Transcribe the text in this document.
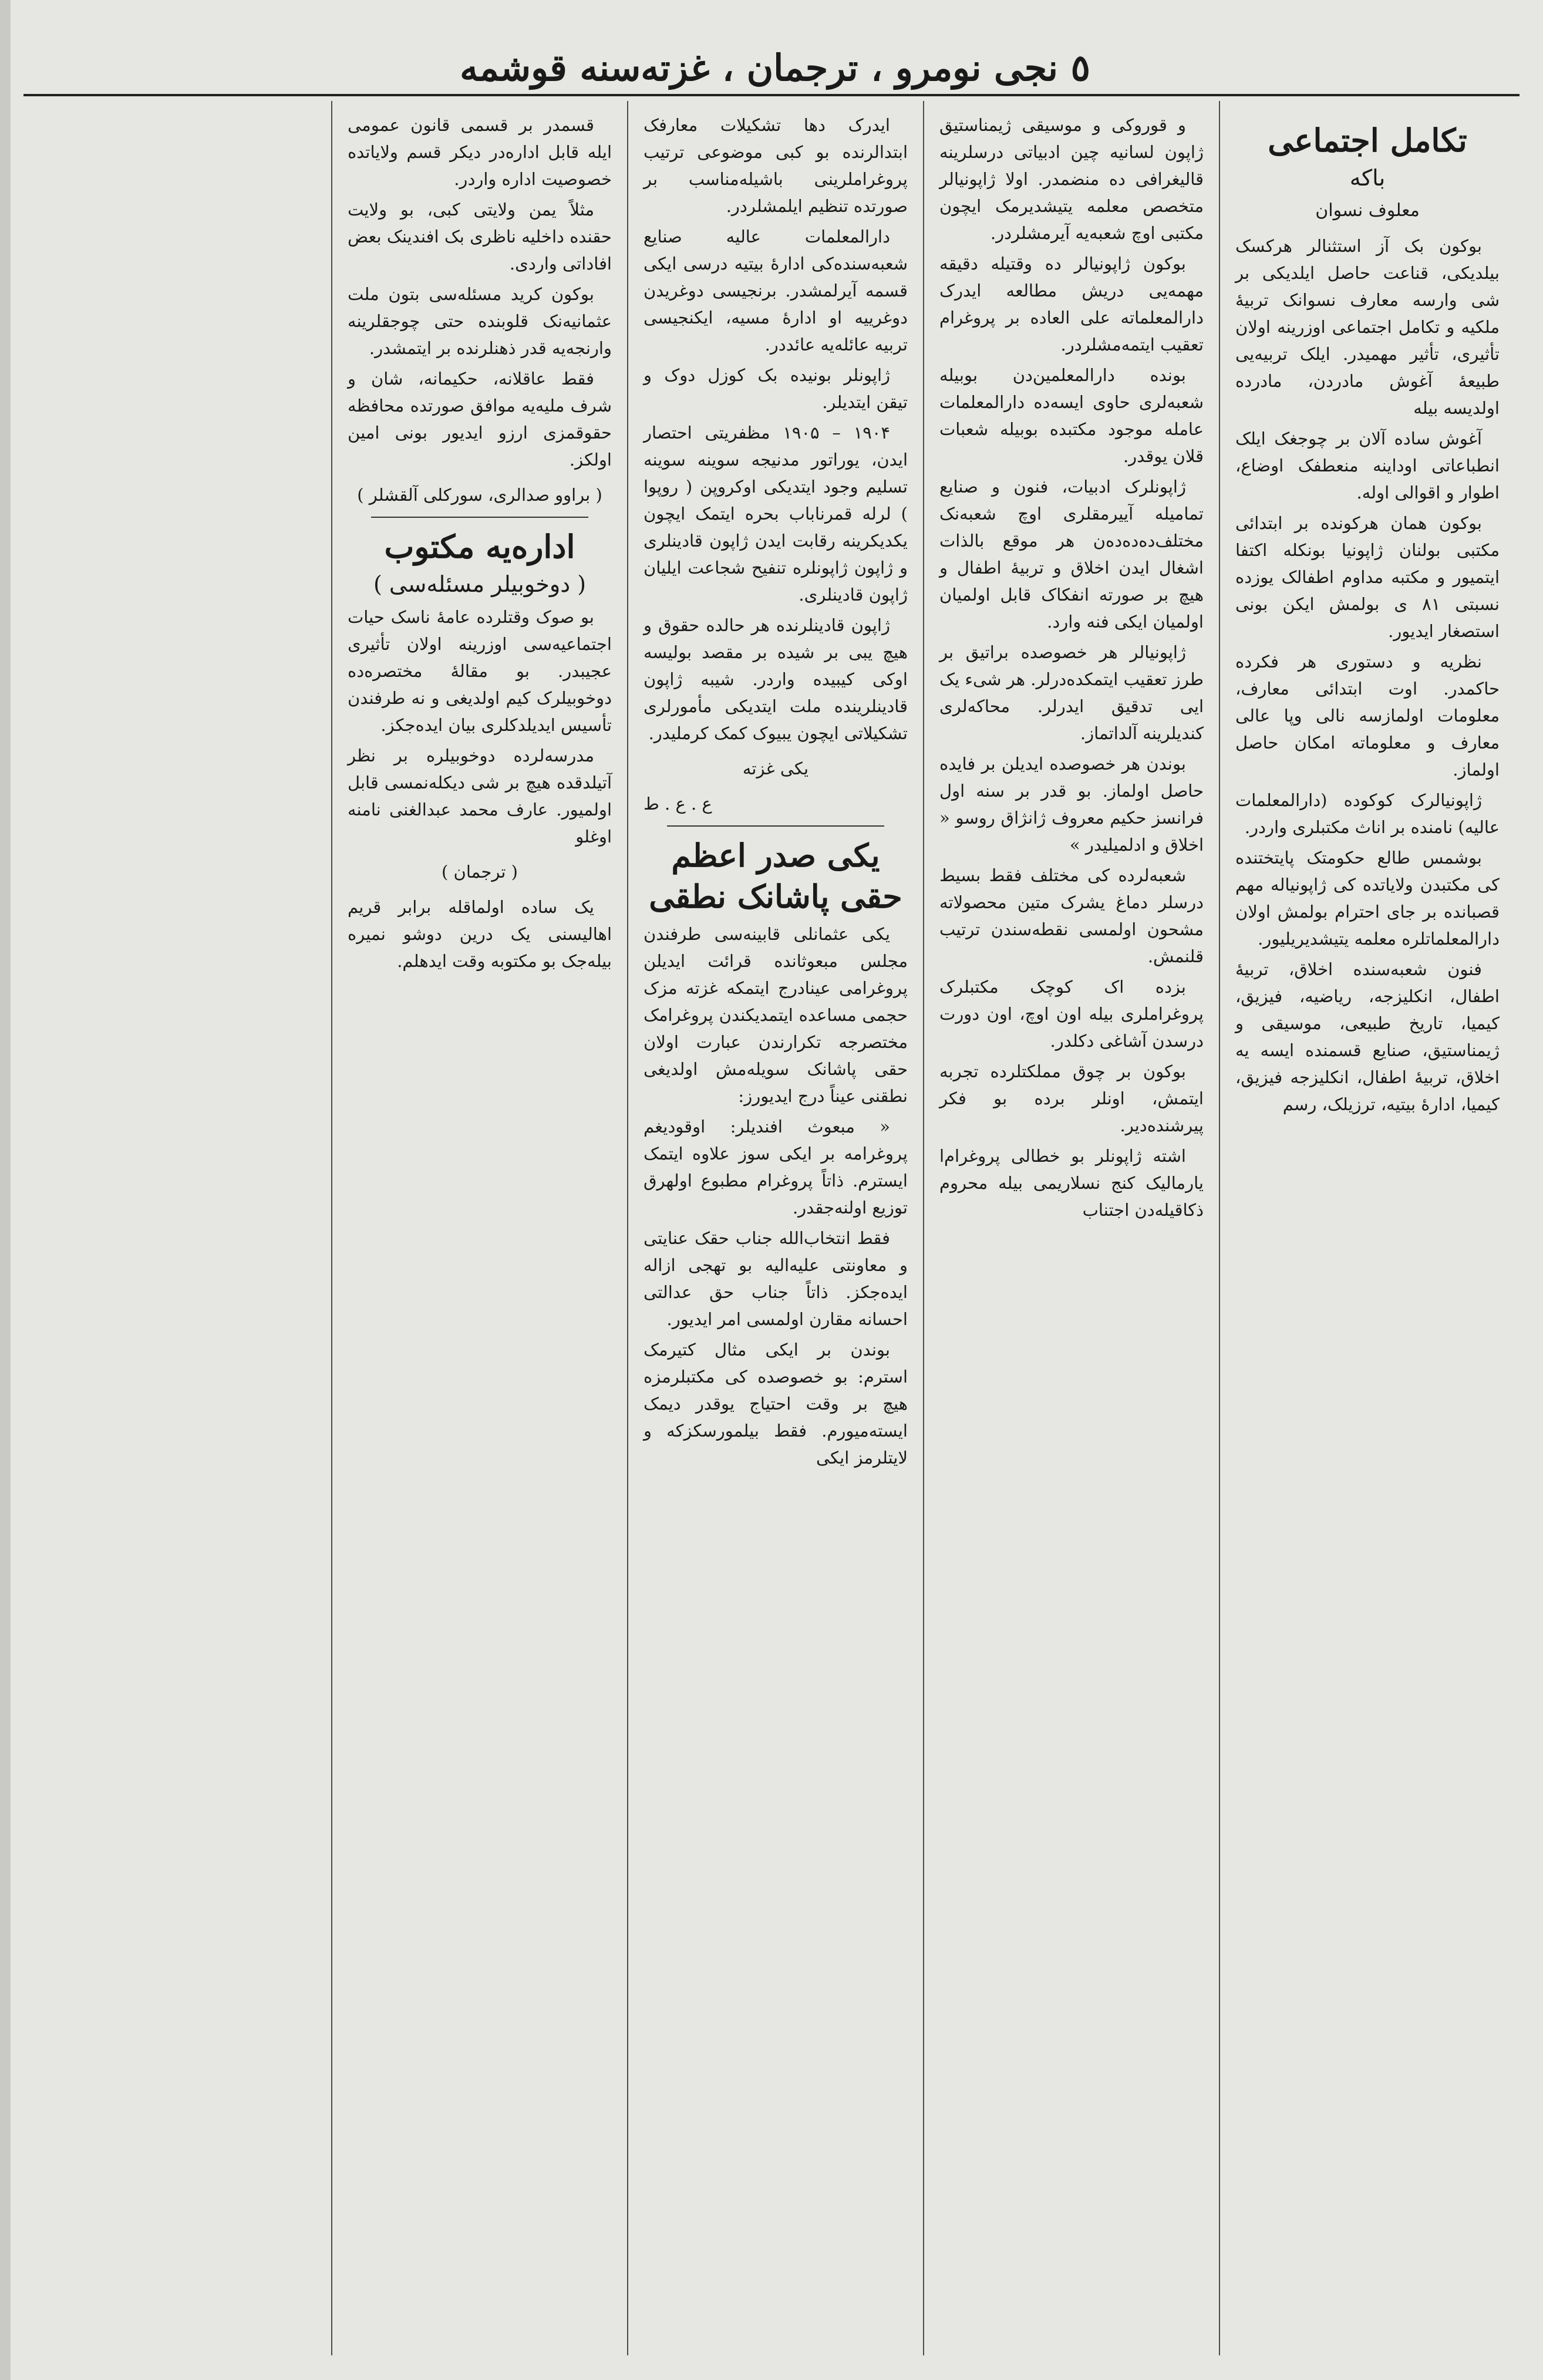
٥ نجی نومرو ، ترجمان ، غزته‌سنه قوشمه
تکامل اجتماعی
باکه
معلوف نسوان

بوکون بک آز استثنالر هرکسک بیلدیکی، قناعت حاصل ایلدیکی بر شی وارسه معارف نسوانک تربیهٔ ملکیه و تکامل اجتماعی اوزرینه اولان تأثیری، تأثیر مهمیدر. ایلک تربیه‌یی طبیعهٔ آغوش مادردن، مادرده اولدیسه بیله

آغوش ساده آلان بر چوجغک ایلک انطباعاتی اوداینه منعطفک اوضاع، اطوار و اقوالی اوله.

بوکون همان هرکونده بر ابتدائی مکتبی بولنان ژاپونیا بونکله اکتفا ایتمیور و مکتبه مداوم اطفالک یوزده نسبتی ۸۱ ی بولمش ایکن بونی استصغار ایدیور.

نظریه و دستوری هر فکرده حاکمدر. اوت ابتدائی معارف، معلومات اولمازسه نالی وپا عالی معارف و معلوماته امکان حاصل اولماز.

ژاپونیا‌لرک کوکوده (دارالمعلمات عالیه) نامنده بر اناث مکتبلری واردر.

بوشمس طالع حکومتک پایتختنده کی مکتبدن ولایاتده کی ژاپونیاله مهم قصبانده بر جای احترام بولمش اولان دارالمعلماتلره معلمه یتیشدیریلیور.

فنون شعبه‌سنده اخلاق، تربیهٔ اطفال، انکلیزجه، ریاضیه، فیزیق، کیمیا، تاریخ طبیعی، موسیقی و ژیمناستیق، صنایع قسمنده ایسه یه اخلاق، تربیهٔ اطفال، انکلیزجه فیزیق، کیمیا، ادارهٔ بیتیه، ترزیلک، رسم

و قوروکی و موسیقی ژیمناستیق ژاپون لسانیه چین ادبیاتی درسلرینه قالیغرافی ده منضمدر. اولا ژاپونیا‌لر متخصص معلمه یتیشدیرمک ایچون مکتبی اوچ شعبه‌یه آیرمشلردر.

بوکون ژاپونیا‌لر ده وقتیله دقیقه مهمه‌یی دریش مطالعه ایدرک دارالمعلماته علی العاده بر پروغرام تعقیب ایتمه‌مشلردر.

بونده دارالمعلمین‌دن بوبیله شعبه‌لری حاوی ایسه‌ده دارالمعلمات عامله موجود مکتبده بوبیله شعبات قلان یوقدر.

ژاپونلرک ادبیات، فنون و صنایع تمامیله آییرمقلری اوچ شعبه‌نک مختلف‌ده‌ده‌ده‌ن هر موقع بالذات اشغال ایدن اخلاق و تربیهٔ اطفال و هیچ بر صورته انفکاک قابل اولمیان اولمیان ایکی فنه وارد.

ژاپونیا‌لر هر خصوصده براتیق بر طرز تعقیب ایتمکده‌درلر. هر شیء یک ایی تدقیق ایدرلر. محاکه‌لری کندیلرینه آلداتماز.

بوندن هر خصوصده ایدیلن بر فایده حاصل اولماز. بو قدر بر سنه اول فرانسز حکیم معروف ژانژاق روسو « اخلاق و ادلمیلیدر »

شعبه‌لرده کی مختلف فقط بسیط درسلر دماغ یشرک متین محصولاته مشحون اولمسی نقطه‌سندن ترتیب قلنمش.

بزده اک کوچک مکتبلرک پروغراملری بیله اون اوچ، اون دورت درسدن آشاغی دکلدر.

بوکون بر چوق مملکتلرده تجربه ایتمش، اونلر برده بو فکر پیرشنده‌دیر.

اشته ژاپونلر بو خطالی پروغرام‌ا یارمالیک کنج نسلاریمی بیله محروم ذکاقیله‌دن اجتناب

ایدرک دها تشکیلات معارفک ابتدالرنده بو کبی موضوعی ترتیب پروغراملرینی باشیله‌مناسب بر صورتده تنظیم ایلمشلردر.

دارالمعلمات عالیه صنایع شعبه‌سنده‌کی ادارهٔ بیتیه درسی ایکی قسمه آیرلمشدر. برنجیسی دوغریدن دوغرییه او ادارهٔ مسیه، ایکنجیسی تربیه عائله‌یه عائددر.

ژاپونلر بونیده بک کوزل دوک و تیقن ایتدیلر.

۱۹۰۴ – ۱۹۰۵ مظفریتی احتصار ایدن، یوراتور مدنیجه سوینه سوینه تسلیم وجود ایتدیکی اوکروپن ( روپوا ) لرله قمرناباب بحره ایتمک ایچون یکدیکرینه رقابت ایدن ژاپون قادینلری و ژاپون ژاپونلره تنفیح شجاعت ایلیان ژاپون قادینلری.

ژاپون قادینلرنده هر حالده حقوق و هیچ یبی بر شیده بر مقصد بولیسه اوکی کیبیده واردر. شیبه ژاپون قادینلرینده ملت ایتدیکی مأمورلری تشکیلاتی ایچون یبیوک کمک کرملیدر.

یکی غزته

ع . ع . ط

یکی صدر اعظم حقی پاشانک نطقی

یکی عثمانلی قابینه‌سی طرفندن مجلس مبعوثانده قرائت ایدیلن پروغرامی عینادرج ایتمکه غزته مزک حجمی مساعده ایتمدیکندن پروغرامک مختصرجه تکرارندن عبارت اولان حقی پاشانک سویله‌مش اولدیغی نطقنی عیناً درج ایدیورز:

« مبعوث افندیلر: اوقودیغم پروغرامه بر ایکی سوز علاوه ایتمک ایسترم. ذاتاً پروغرام مطبوع اولهرق توزیع اولنه‌جقدر.

فقط انتخاب‌الله جناب حقک عنایتی و معاونتی علیه‌الیه بو تهجی ازاله ایده‌جکز. ذاتاً جناب حق عدالتی احسانه مقارن اولمسی امر ایدیور.

بوندن بر ایکی مثال کتیرمک استرم: بو خصوصده کی مکتبلرمزه هیچ بر وقت احتیاج یوقدر دیمک ایسته‌میورم. فقط بیلمورسکزکه و لایتلرمز ایکی

قسمدر بر قسمی قانون عمومی ایله قابل اداره‌در دیکر قسم ولایاتده خصوصیت اداره واردر.

مثلاً یمن ولایتی کبی، بو ولایت حقنده داخلیه ناظری بک افندینک بعض افاداتی واردی.

بوکون کرید مسئله‌سی بتون ملت عثمانیه‌نک قلوبنده حتی چوجقلرینه وارنجه‌یه قدر ذهنلرنده بر ایتمشدر.

فقط عاقلانه، حکیمانه، شان و شرف ملیه‌یه موافق صورتده محافظه حقوقمزی ارزو ایدیور بونی امین اولکز.

( براوو صدالری، سورکلی آلقشلر )

اداره‌یه مکتوب
( دوخوبیلر مسئله‌سی )

بو صوک وقتلرده عامهٔ ناسک حیات اجتماعیه‌سی اوزرینه اولان تأثیری عجیبدر. بو مقالهٔ مختصره‌ده دوخوبیلرک کیم اولدیغی و نه طرفندن تأسیس ایدیلدکلری بیان ایده‌جکز.

مدرسه‌لرده دوخوبیلره بر نظر آتیلدقده هیچ بر شی دیکله‌نمسی قابل اولمیور. عارف محمد عبدالغنی نامنه اوغلو

( ترجمان )

یک ساده اولماقله برابر قریم اهالیسنی یک درین دوشو نمیره بیله‌جک بو مکتوبه وقت ایدهلم.
